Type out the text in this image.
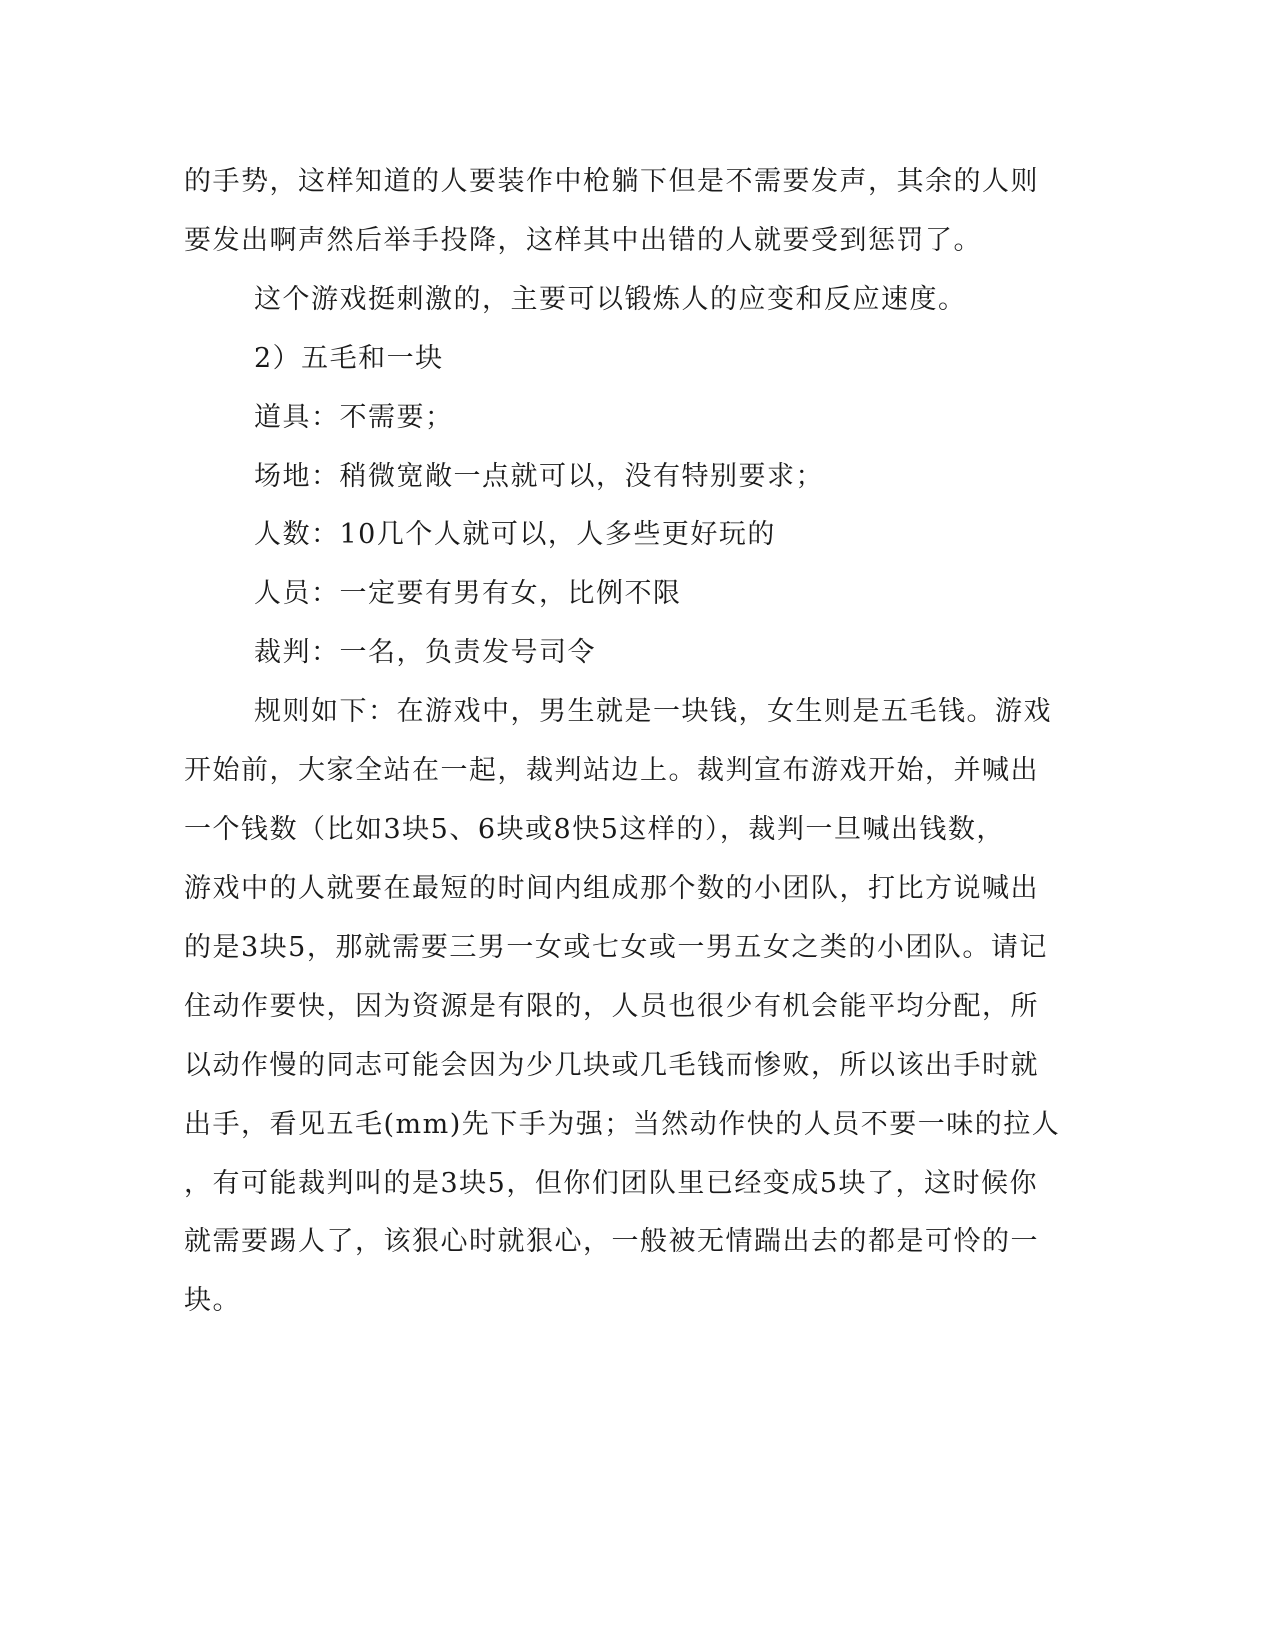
的手势，这样知道的人要装作中枪躺下但是不需要发声，其余的人则
要发出啊声然后举手投降，这样其中出错的人就要受到惩罚了。
这个游戏挺刺激的，主要可以锻炼人的应变和反应速度。
2）五毛和一块
道具：不需要；
场地：稍微宽敞一点就可以，没有特别要求；
人数：10几个人就可以，人多些更好玩的
人员：一定要有男有女，比例不限
裁判：一名，负责发号司令
规则如下：在游戏中，男生就是一块钱，女生则是五毛钱。游戏
开始前，大家全站在一起，裁判站边上。裁判宣布游戏开始，并喊出
一个钱数（比如3块5、6块或8快5这样的），裁判一旦喊出钱数，
游戏中的人就要在最短的时间内组成那个数的小团队，打比方说喊出
的是3块5，那就需要三男一女或七女或一男五女之类的小团队。请记
住动作要快，因为资源是有限的，人员也很少有机会能平均分配，所
以动作慢的同志可能会因为少几块或几毛钱而惨败，所以该出手时就
出手，看见五毛(mm)先下手为强；当然动作快的人员不要一味的拉人
，有可能裁判叫的是3块5，但你们团队里已经变成5块了，这时候你
就需要踢人了，该狠心时就狠心，一般被无情踹出去的都是可怜的一
块。
